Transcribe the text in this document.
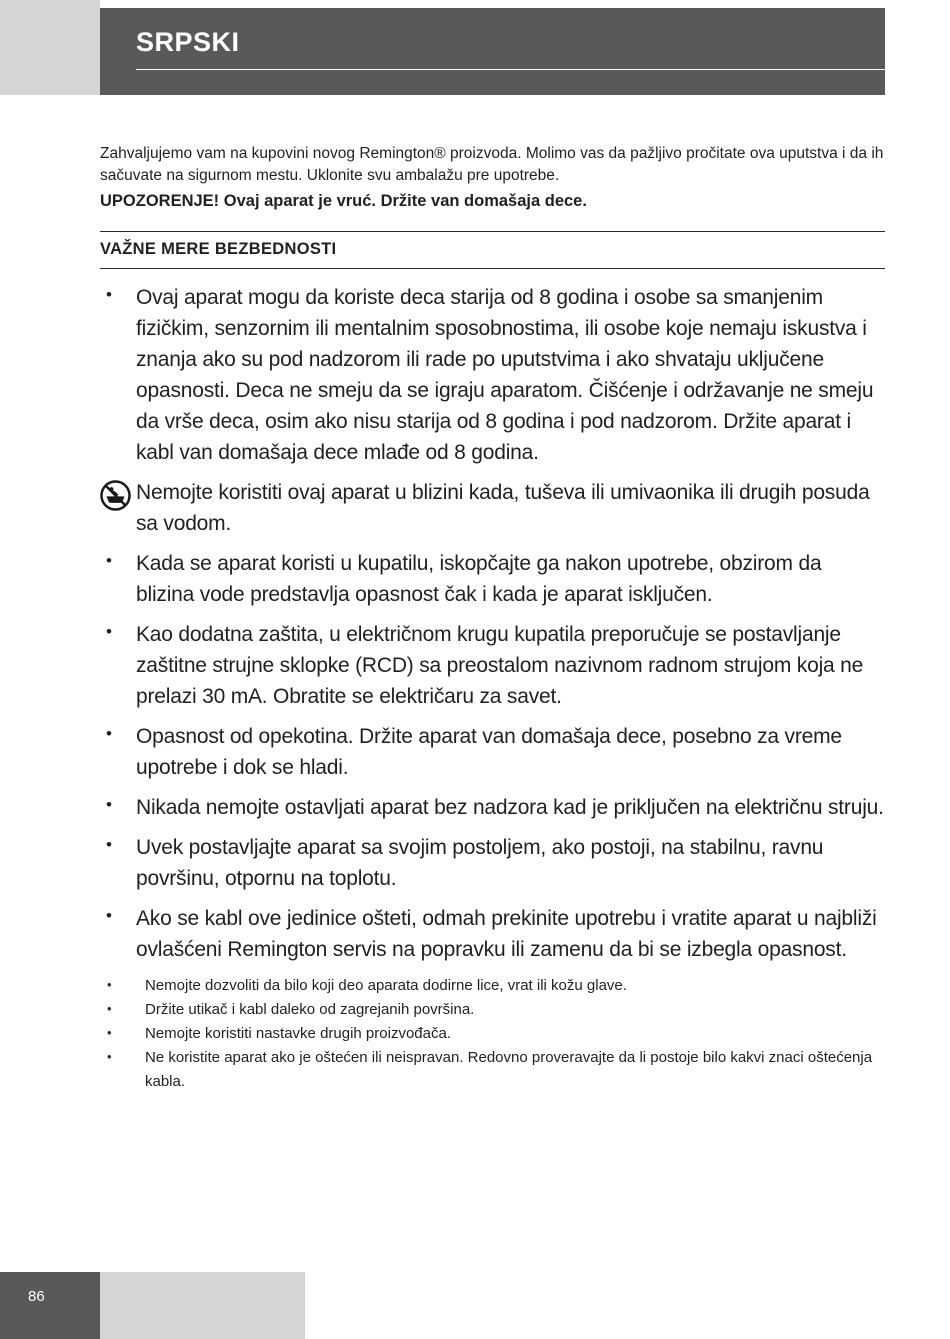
SRPSKI

Zahvaljujemo vam na kupovini novog Remington® proizvoda. Molimo vas da pažljivo pročitate ova uputstva i da ih sačuvate na sigurnom mestu. Uklonite svu ambalažu pre upotrebe.

UPOZORENJE! Ovaj aparat je vruć. Držite van domašaja dece.

VAŽNE MERE BEZBEDNOSTI
•	Ovaj aparat mogu da koriste deca starija od 8 godina i osobe sa smanjenim fizičkim, senzornim ili mentalnim sposobnostima, ili osobe koje nemaju iskustva i znanja ako su pod nadzorom ili rade po uputstvima i ako shvataju uključene opasnosti. Deca ne smeju da se igraju aparatom. Čišćenje i održavanje ne smeju da vrše deca, osim ako nisu starija od 8 godina i pod nadzorom. Držite aparat i kabl van domašaja dece mlađe od 8 godina.
Nemojte koristiti ovaj aparat u blizini kada, tuševa ili umivaonika ili drugih posuda sa vodom.
•	Kada se aparat koristi u kupatilu, iskopčajte ga nakon upotrebe, obzirom da blizina vode predstavlja opasnost čak i kada je aparat isključen.
•	Kao dodatna zaštita, u električnom krugu kupatila preporučuje se postavljanje zaštitne strujne sklopke (RCD) sa preostalom nazivnom radnom strujom koja ne prelazi 30 mA. Obratite se električaru za savet.
•	Opasnost od opekotina. Držite aparat van domašaja dece, posebno za vreme upotrebe i dok se hladi.
•	Nikada nemojte ostavljati aparat bez nadzora kad je priključen na električnu struju.
•	Uvek postavljajte aparat sa svojim postoljem, ako postoji, na stabilnu, ravnu površinu, otpornu na toplotu.
•	Ako se kabl ove jedinice ošteti, odmah prekinite upotrebu i vratite aparat u najbliži ovlašćeni Remington servis na popravku ili zamenu da bi se izbegla opasnost.
•	Nemojte dozvoliti da bilo koji deo aparata dodirne lice, vrat ili kožu glave.
•	Držite utikač i kabl daleko od zagrejanih površina.
•	Nemojte koristiti nastavke drugih proizvođača.
•	Ne koristite aparat ako je oštećen ili neispravan. Redovno proveravajte da li postoje bilo kakvi znaci oštećenja kabla.
86
